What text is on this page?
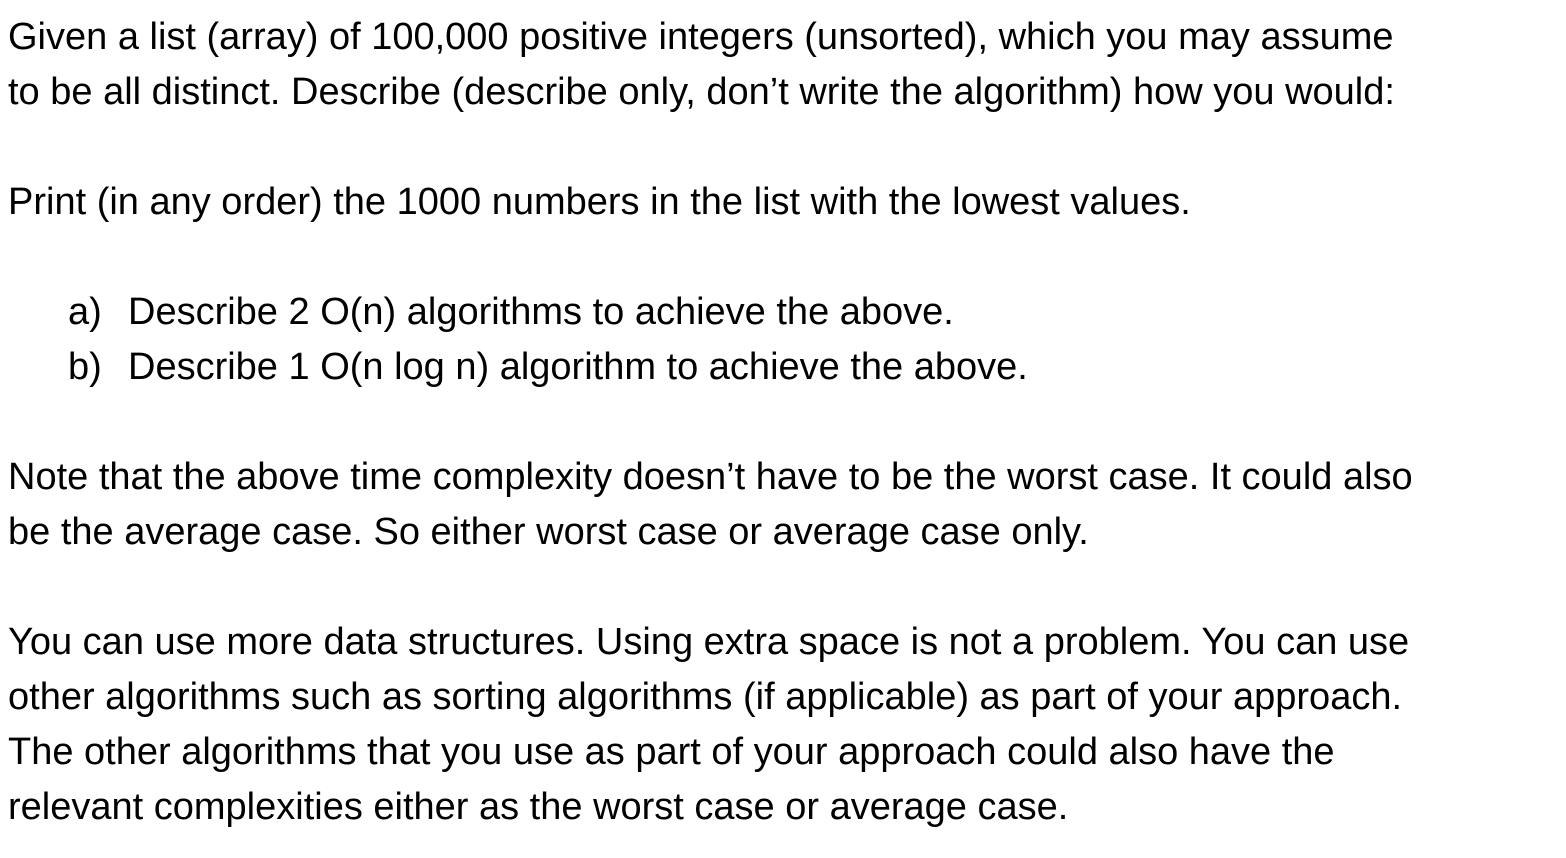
Given a list (array) of 100,000 positive integers (unsorted), which you may assume
to be all distinct. Describe (describe only, don’t write the algorithm) how you would:

Print (in any order) the 1000 numbers in the list with the lowest values.

a) Describe 2 O(n) algorithms to achieve the above.
b) Describe 1 O(n log n) algorithm to achieve the above.

Note that the above time complexity doesn’t have to be the worst case. It could also
be the average case. So either worst case or average case only.

You can use more data structures. Using extra space is not a problem. You can use
other algorithms such as sorting algorithms (if applicable) as part of your approach.
The other algorithms that you use as part of your approach could also have the
relevant complexities either as the worst case or average case.
